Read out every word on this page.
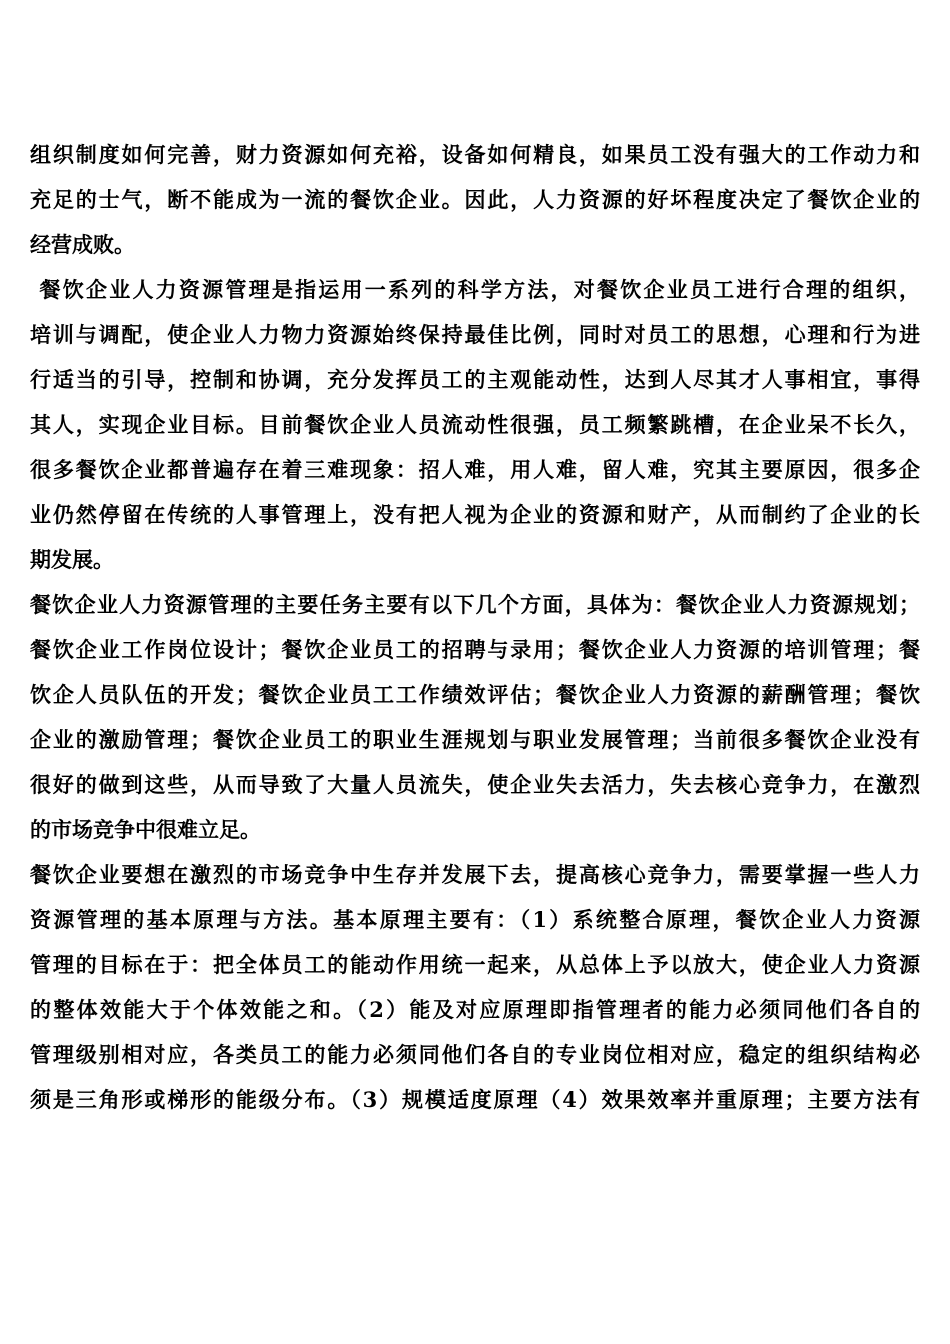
组织制度如何完善，财力资源如何充裕，设备如何精良，如果员工没有强大的工作动力和
充足的士气，断不能成为一流的餐饮企业。因此，人力资源的好坏程度决定了餐饮企业的
经营成败。
餐饮企业人力资源管理是指运用一系列的科学方法，对餐饮企业员工进行合理的组织，
培训与调配，使企业人力物力资源始终保持最佳比例，同时对员工的思想，心理和行为进
行适当的引导，控制和协调，充分发挥员工的主观能动性，达到人尽其才人事相宜，事得
其人，实现企业目标。目前餐饮企业人员流动性很强，员工频繁跳槽，在企业呆不长久，
很多餐饮企业都普遍存在着三难现象：招人难，用人难，留人难，究其主要原因，很多企
业仍然停留在传统的人事管理上，没有把人视为企业的资源和财产，从而制约了企业的长
期发展。
餐饮企业人力资源管理的主要任务主要有以下几个方面，具体为：餐饮企业人力资源规划；
餐饮企业工作岗位设计；餐饮企业员工的招聘与录用；餐饮企业人力资源的培训管理；餐
饮企人员队伍的开发；餐饮企业员工工作绩效评估；餐饮企业人力资源的薪酬管理；餐饮
企业的激励管理；餐饮企业员工的职业生涯规划与职业发展管理；当前很多餐饮企业没有
很好的做到这些，从而导致了大量人员流失，使企业失去活力，失去核心竞争力，在激烈
的市场竞争中很难立足。
餐饮企业要想在激烈的市场竞争中生存并发展下去，提高核心竞争力，需要掌握一些人力
资源管理的基本原理与方法。基本原理主要有：（1）系统整合原理，餐饮企业人力资源
管理的目标在于：把全体员工的能动作用统一起来，从总体上予以放大，使企业人力资源
的整体效能大于个体效能之和。（2）能及对应原理即指管理者的能力必须同他们各自的
管理级别相对应，各类员工的能力必须同他们各自的专业岗位相对应，稳定的组织结构必
须是三角形或梯形的能级分布。（3）规模适度原理（4）效果效率并重原理；主要方法有
